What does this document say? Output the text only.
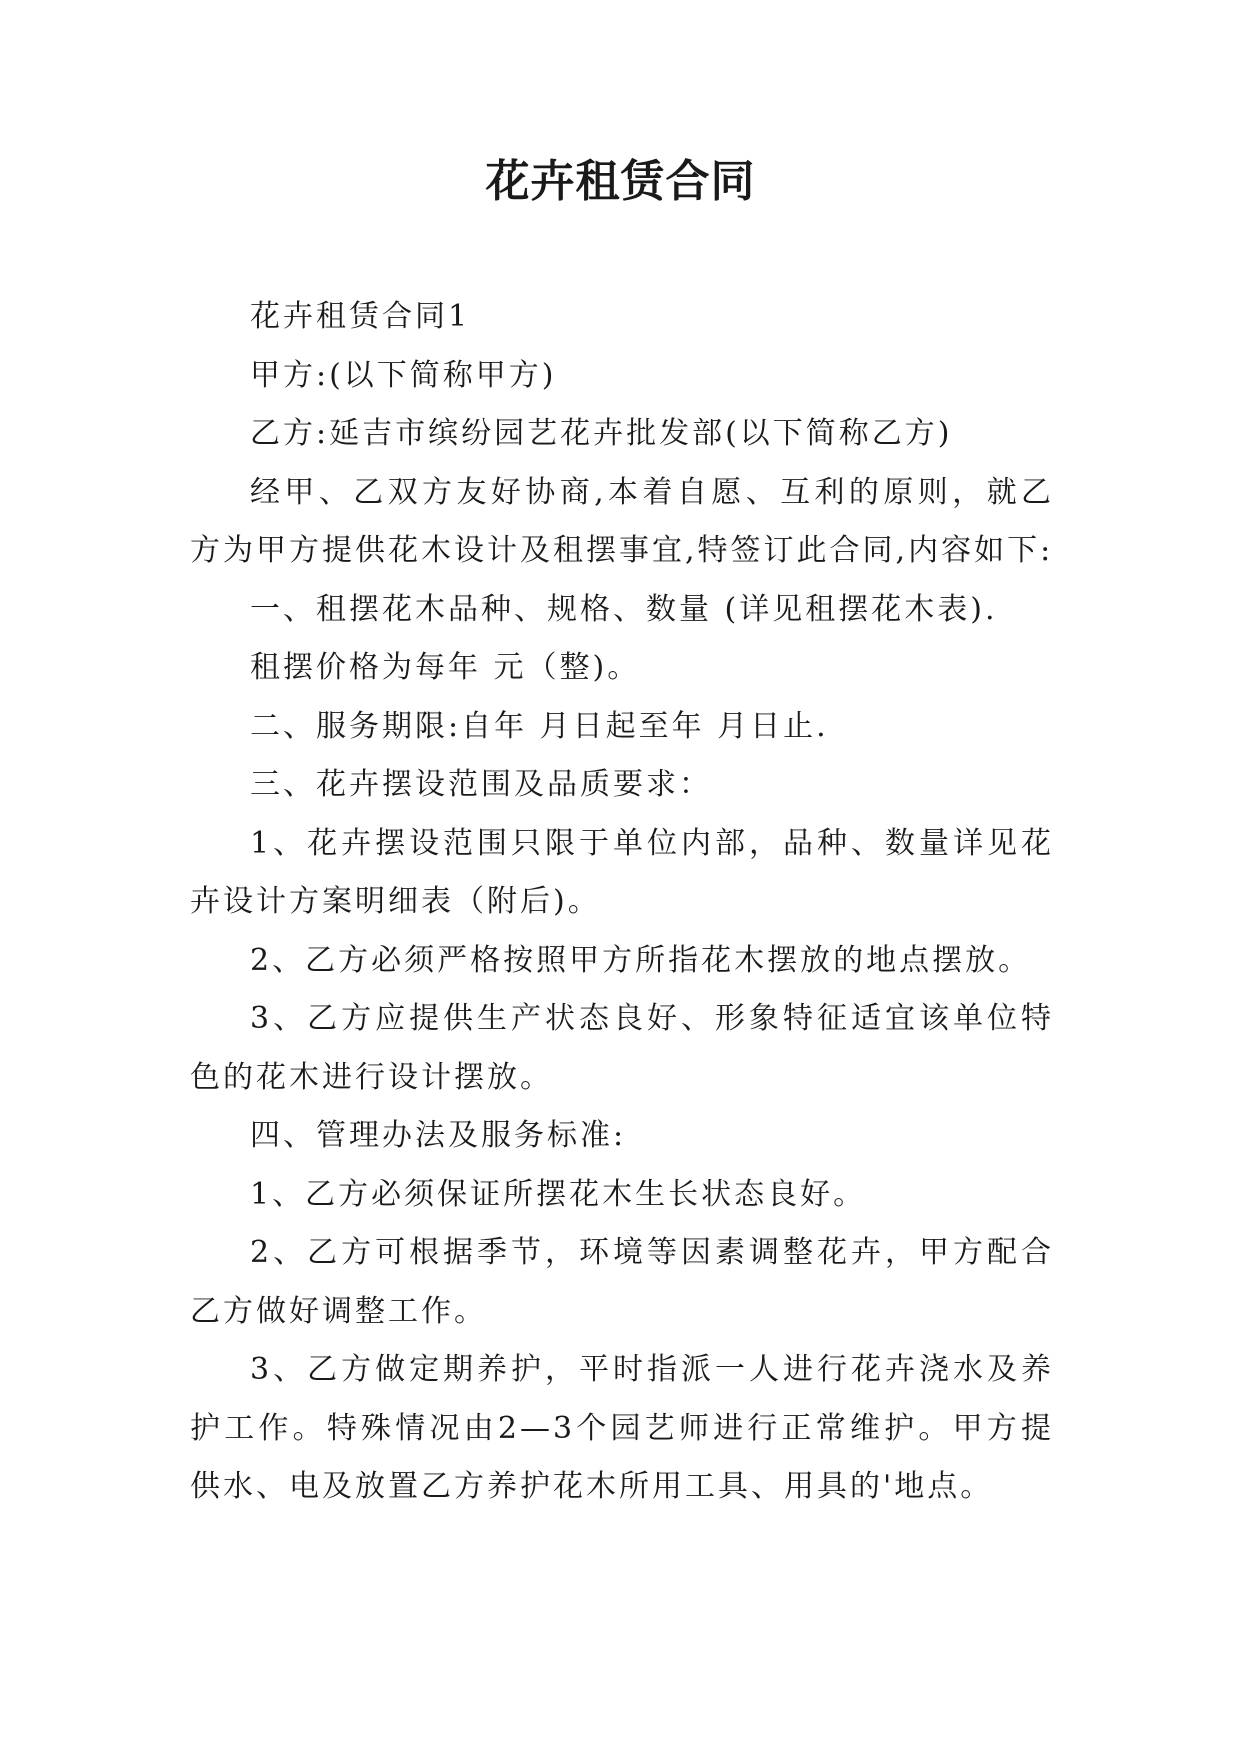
花卉租赁合同

花卉租赁合同1

甲方:(以下简称甲方)

乙方:延吉市缤纷园艺花卉批发部(以下简称乙方)

经甲、乙双方友好协商,本着自愿、互利的原则，就乙方为甲方提供花木设计及租摆事宜,特签订此合同,内容如下:

一、租摆花木品种、规格、数量 (详见租摆花木表).

租摆价格为每年 元（整)。

二、服务期限:自年 月日起至年 月日止.

三、花卉摆设范围及品质要求：

1、花卉摆设范围只限于单位内部，品种、数量详见花卉设计方案明细表（附后)。

2、乙方必须严格按照甲方所指花木摆放的地点摆放。

3、乙方应提供生产状态良好、形象特征适宜该单位特色的花木进行设计摆放。

四、管理办法及服务标准:

1、乙方必须保证所摆花木生长状态良好。

2、乙方可根据季节，环境等因素调整花卉，甲方配合乙方做好调整工作。

3、乙方做定期养护，平时指派一人进行花卉浇水及养护工作。特殊情况由2—3个园艺师进行正常维护。甲方提供水、电及放置乙方养护花木所用工具、用具的'地点。
